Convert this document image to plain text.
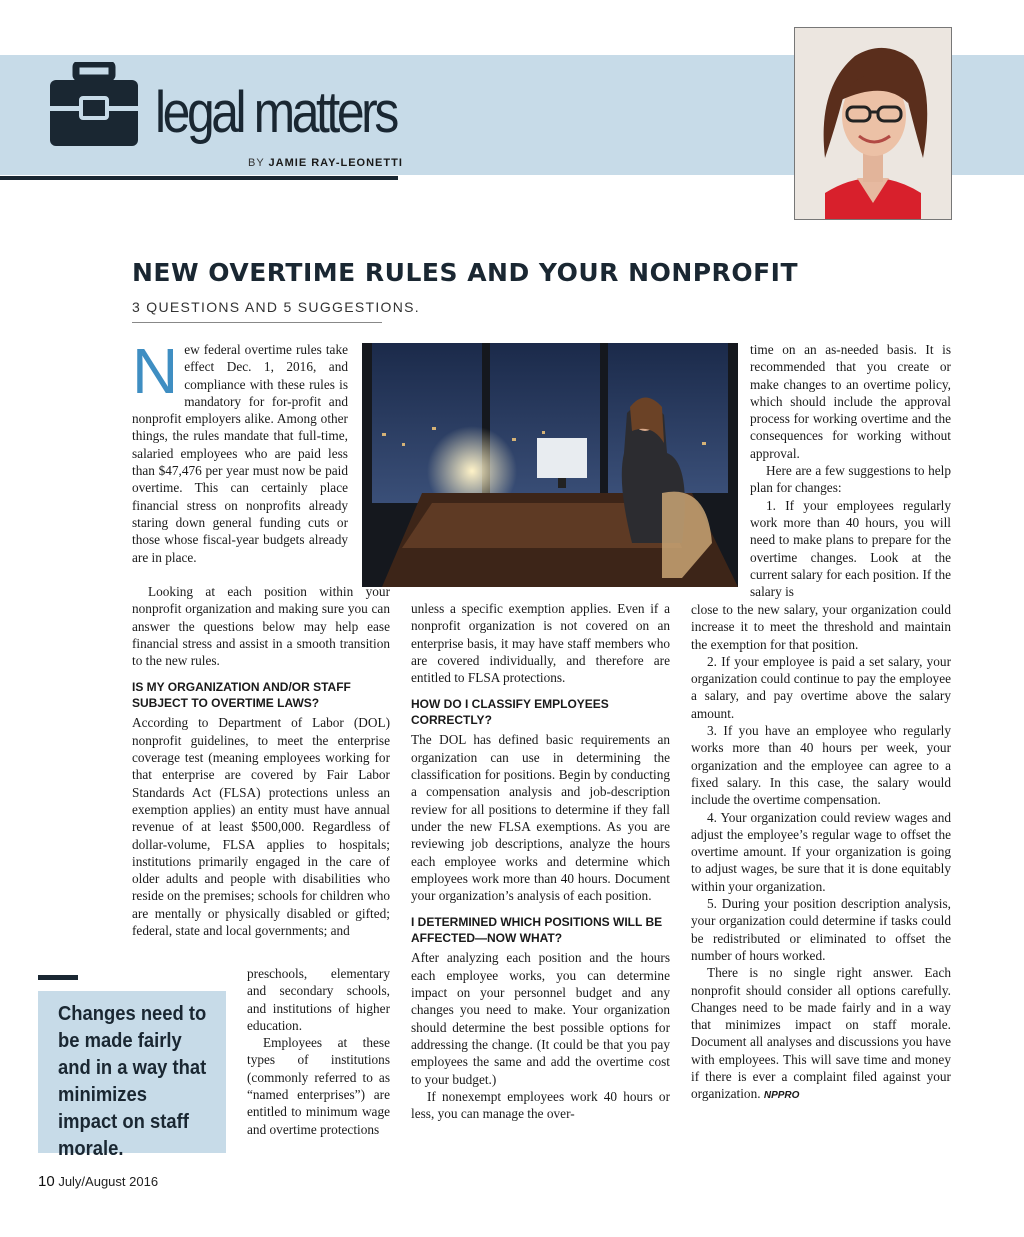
legal matters
BY JAMIE RAY-LEONETTI
NEW OVERTIME RULES AND YOUR NONPROFIT
3 QUESTIONS AND 5 SUGGESTIONS.
N ew federal overtime rules take effect Dec. 1, 2016, and compliance with these rules is mandatory for for-profit and nonprofit employers alike. Among other things, the rules mandate that full-time, salaried employees who are paid less than $47,476 per year must now be paid overtime. This can certainly place financial stress on nonprofits already staring down general funding cuts or those whose fiscal-year budgets already are in place.

Looking at each position within your nonprofit organization and making sure you can answer the questions below may help ease financial stress and assist in a smooth transition to the new rules.

IS MY ORGANIZATION AND/OR STAFF SUBJECT TO OVERTIME LAWS?

According to Department of Labor (DOL) nonprofit guidelines, to meet the enterprise coverage test (meaning employees working for that enterprise are covered by Fair Labor Standards Act (FLSA) protections unless an exemption applies) an entity must have annual revenue of at least $500,000. Regardless of dollar-volume, FLSA applies to hospitals; institutions primarily engaged in the care of older adults and people with disabilities who reside on the premises; schools for children who are mentally or physically disabled or gifted; federal, state and local governments; and

preschools, elementary and secondary schools, and institutions of higher education.

Employees at these types of institutions (commonly referred to as “named enterprises”) are entitled to minimum wage and overtime protections

Changes need to be made fairly and in a way that minimizes impact on staff morale.

unless a specific exemption applies. Even if a nonprofit organization is not covered on an enterprise basis, it may have staff members who are covered individually, and therefore are entitled to FLSA protections.

HOW DO I CLASSIFY EMPLOYEES CORRECTLY?

The DOL has defined basic requirements an organization can use in determining the classification for positions. Begin by conducting a compensation analysis and job-description review for all positions to determine if they fall under the new FLSA exemptions. As you are reviewing job descriptions, analyze the hours each employee works and determine which employees work more than 40 hours. Document your organization’s analysis of each position.

I DETERMINED WHICH POSITIONS WILL BE AFFECTED—NOW WHAT?

After analyzing each position and the hours each employee works, you can determine impact on your personnel budget and any changes you need to make. Your organization should determine the best possible options for addressing the change. (It could be that you pay employees the same and add the overtime cost to your budget.)

If nonexempt employees work 40 hours or less, you can manage the over-

time on an as-needed basis. It is recommended that you create or make changes to an overtime policy, which should include the approval process for working overtime and the consequences for working without approval.

Here are a few suggestions to help plan for changes:

1. If your employees regularly work more than 40 hours, you will need to make plans to prepare for the overtime changes. Look at the current salary for each position. If the salary is

close to the new salary, your organization could increase it to meet the threshold and maintain the exemption for that position.

2. If your employee is paid a set salary, your organization could continue to pay the employee a salary, and pay overtime above the salary amount.

3. If you have an employee who regularly works more than 40 hours per week, your organization and the employee can agree to a fixed salary. In this case, the salary would include the overtime compensation.

4. Your organization could review wages and adjust the employee’s regular wage to offset the overtime amount. If your organization is going to adjust wages, be sure that it is done equitably within your organization.

5. During your position description analysis, your organization could determine if tasks could be redistributed or eliminated to offset the number of hours worked.

There is no single right answer. Each nonprofit should consider all options carefully. Changes need to be made fairly and in a way that minimizes impact on staff morale. Document all analyses and discussions you have with employees. This will save time and money if there is ever a complaint filed against your organization. NPPRO

10 July/August 2016
